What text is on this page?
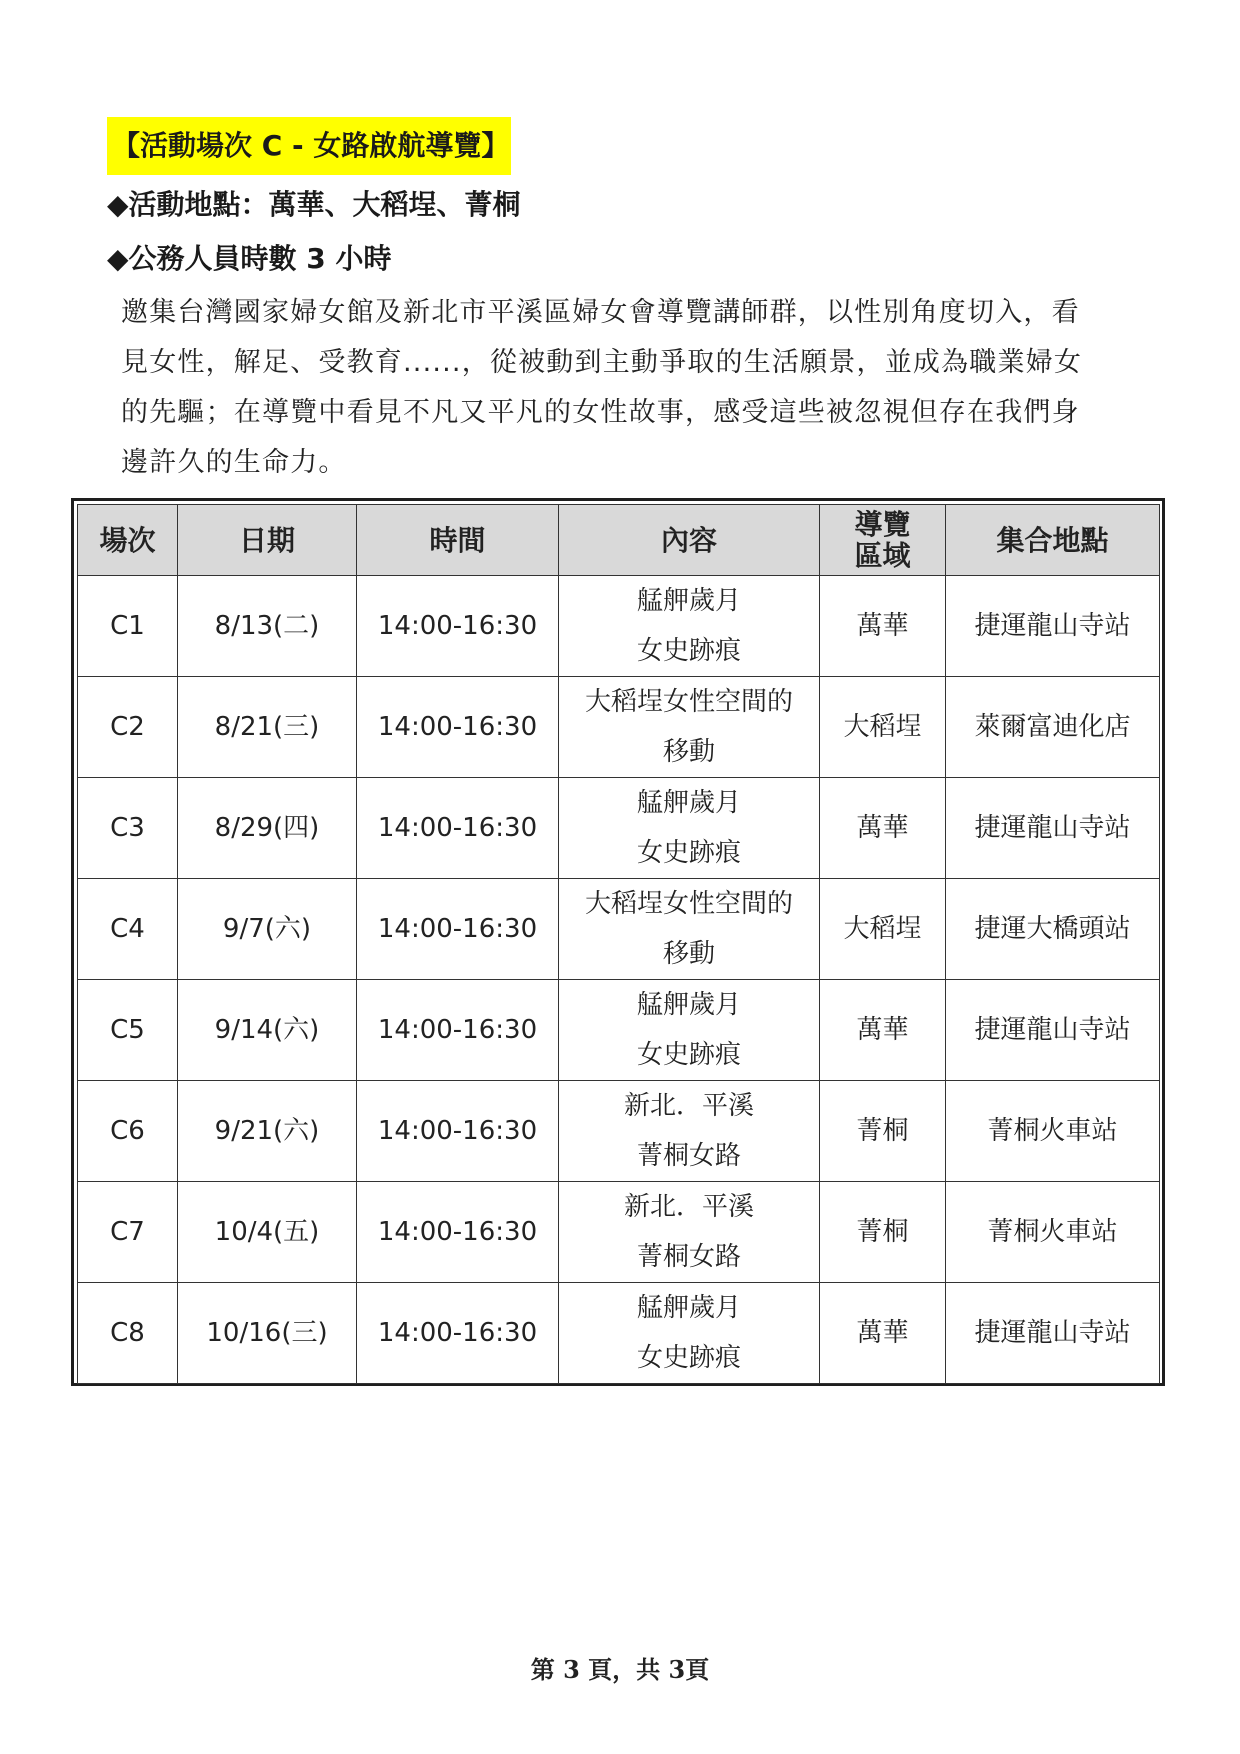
【活動場次 C - 女路啟航導覽】
◆活動地點：萬華、大稻埕、菁桐
◆公務人員時數 3 小時
邀集台灣國家婦女館及新北市平溪區婦女會導覽講師群，以性別角度切入，看
見女性，解足、受教育......，從被動到主動爭取的生活願景，並成為職業婦女
的先驅；在導覽中看見不凡又平凡的女性故事，感受這些被忽視但存在我們身
邊許久的生命力。
場次	日期	時間	內容	導覽
區域	集合地點
C1	8/13(二)	14:00-16:30	艋舺歲月
女史跡痕	萬華	捷運龍山寺站
C2	8/21(三)	14:00-16:30	大稻埕女性空間的
移動	大稻埕	萊爾富迪化店
C3	8/29(四)	14:00-16:30	艋舺歲月
女史跡痕	萬華	捷運龍山寺站
C4	9/7(六)	14:00-16:30	大稻埕女性空間的
移動	大稻埕	捷運大橋頭站
C5	9/14(六)	14:00-16:30	艋舺歲月
女史跡痕	萬華	捷運龍山寺站
C6	9/21(六)	14:00-16:30	新北．平溪
菁桐女路	菁桐	菁桐火車站
C7	10/4(五)	14:00-16:30	新北．平溪
菁桐女路	菁桐	菁桐火車站
C8	10/16(三)	14:00-16:30	艋舺歲月
女史跡痕	萬華	捷運龍山寺站
第 3 頁，共 3頁
